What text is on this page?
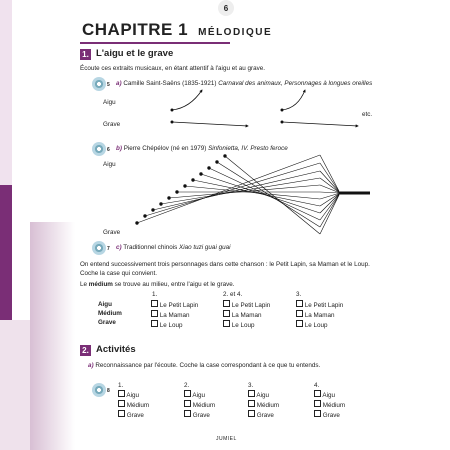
6
CHAPITRE 1 MÉLODIQUE
1. L'aigu et le grave
Écoute ces extraits musicaux, en étant attentif à l'aigu et au grave.
5 a) Camille Saint-Saëns (1835-1921) Carnaval des animaux, Personnages à longues oreilles
Aigu
Grave
etc.
6 b) Pierre Chépélov (né en 1979) Sinfonietta, IV. Presto feroce
Aigu
Grave
7 c) Traditionnel chinois Xiao tuzi guai guai
On entend successivement trois personnages dans cette chanson : le Petit Lapin, sa Maman et le Loup. Coche la case qui convient.
Le médium se trouve au milieu, entre l'aigu et le grave.
Aigu
Médium
Grave
1.	2. et 4.	3.
Le Petit Lapin
La Maman
Le Loup
Le Petit Lapin
La Maman
Le Loup
Le Petit Lapin
La Maman
Le Loup
2. Activités
a) Reconnaissance par l'écoute. Coche la case correspondant à ce que tu entends.
8
1.
Aigu
Médium
Grave
2.
Aigu
Médium
Grave
3.
Aigu
Médium
Grave
4.
Aigu
Médium
Grave
JUMIEL
